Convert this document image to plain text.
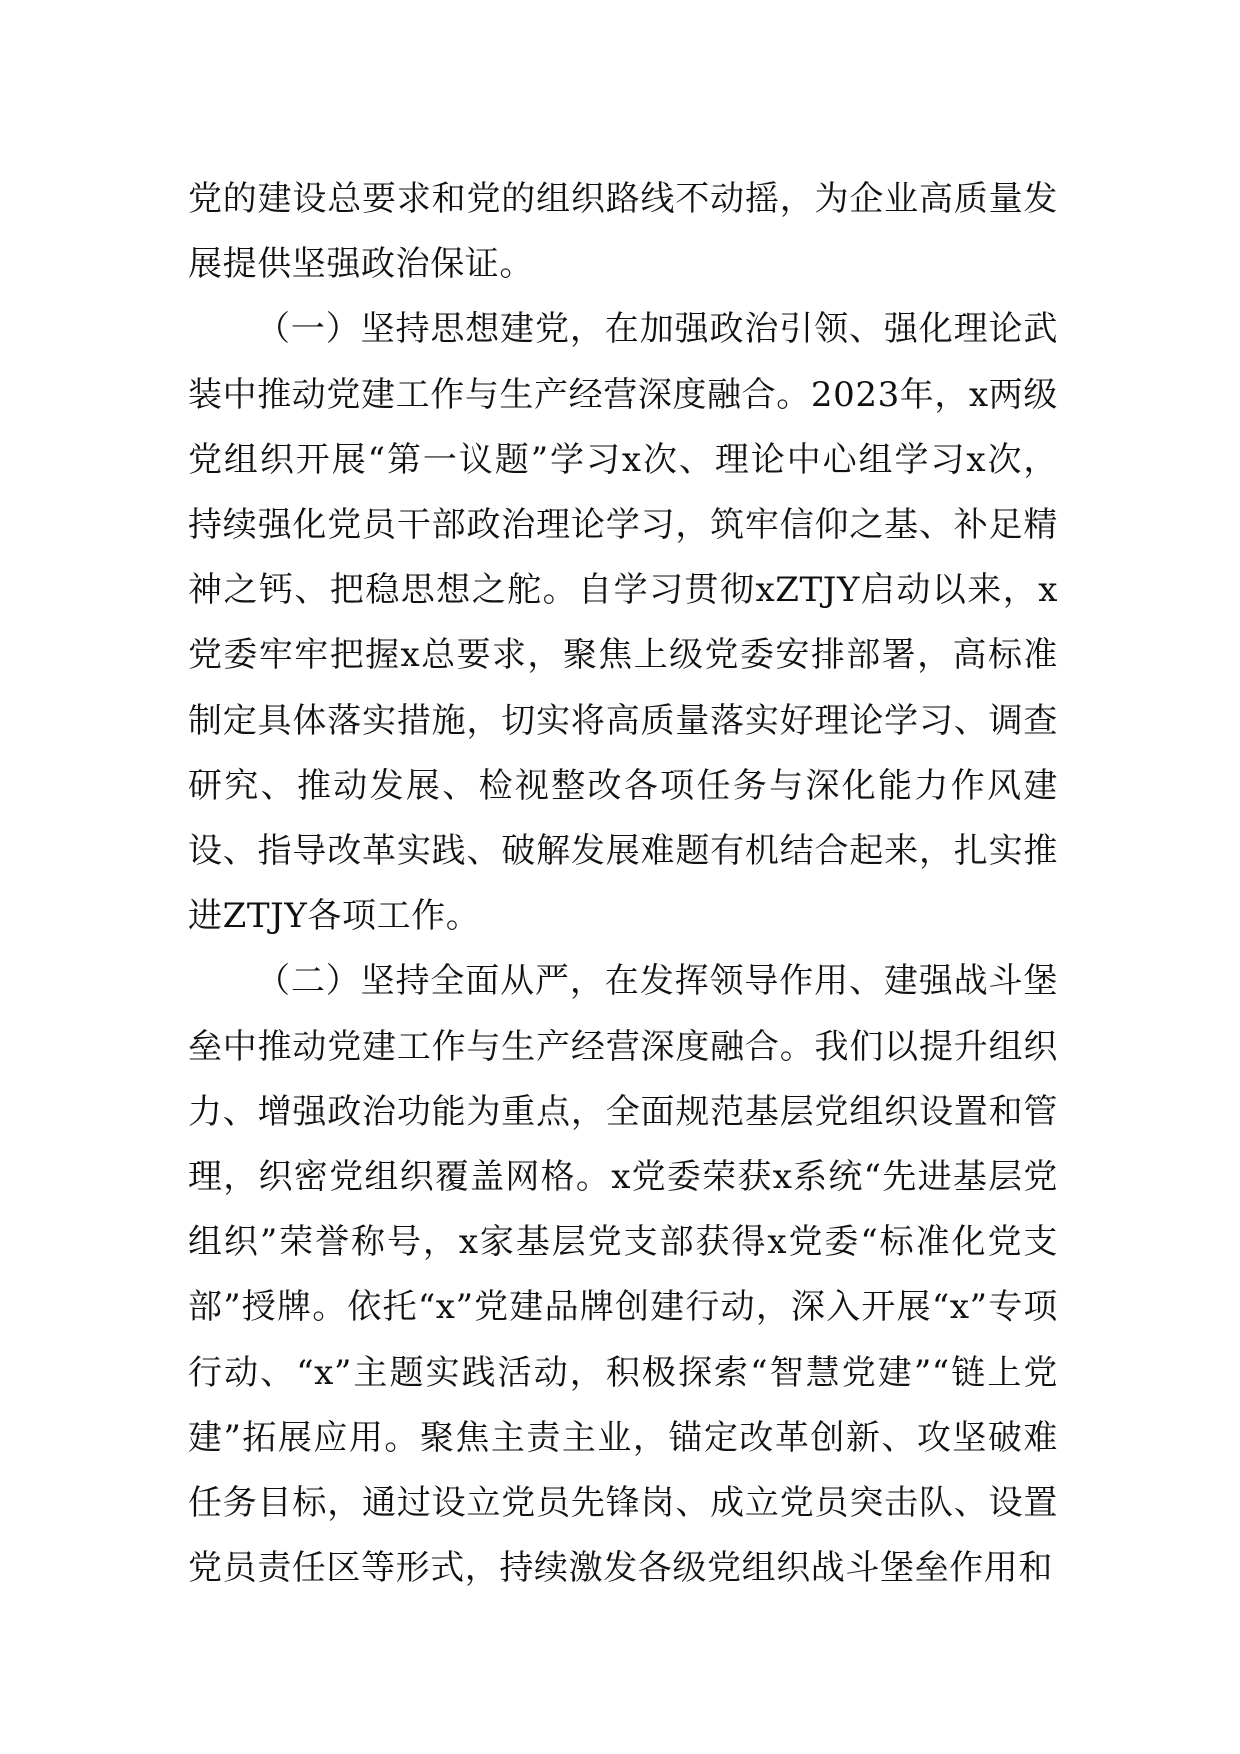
党的建设总要求和党的组织路线不动摇，为企业高质量发展提供坚强政治保证。

（一）坚持思想建党，在加强政治引领、强化理论武装中推动党建工作与生产经营深度融合。2023年，x两级党组织开展“第一议题”学习x次、理论中心组学习x次，持续强化党员干部政治理论学习，筑牢信仰之基、补足精神之钙、把稳思想之舵。自学习贯彻xZTJY启动以来，x党委牢牢把握x总要求，聚焦上级党委安排部署，高标准制定具体落实措施，切实将高质量落实好理论学习、调查研究、推动发展、检视整改各项任务与深化能力作风建设、指导改革实践、破解发展难题有机结合起来，扎实推进ZTJY各项工作。

（二）坚持全面从严，在发挥领导作用、建强战斗堡垒中推动党建工作与生产经营深度融合。我们以提升组织力、增强政治功能为重点，全面规范基层党组织设置和管理，织密党组织覆盖网格。x党委荣获x系统“先进基层党组织”荣誉称号，x家基层党支部获得x党委“标准化党支部”授牌。依托“x”党建品牌创建行动，深入开展“x”专项行动、“x”主题实践活动，积极探索“智慧党建”“链上党建”拓展应用。聚焦主责主业，锚定改革创新、攻坚破难任务目标，通过设立党员先锋岗、成立党员突击队、设置党员责任区等形式，持续激发各级党组织战斗堡垒作用和
